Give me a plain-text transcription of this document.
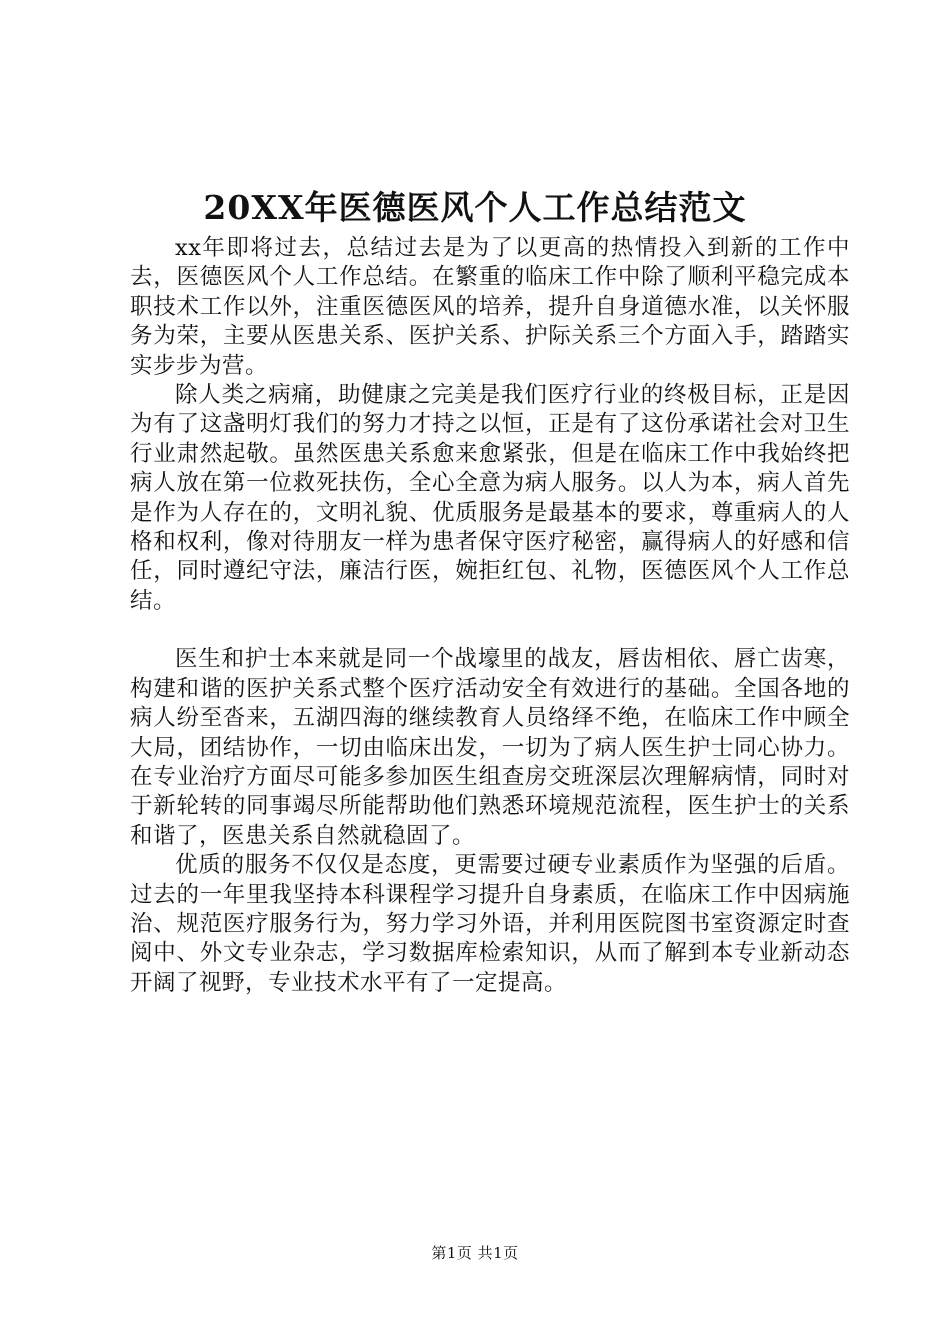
20XX年医德医风个人工作总结范文

xx年即将过去，总结过去是为了以更高的热情投入到新的工作中去，医德医风个人工作总结。在繁重的临床工作中除了顺利平稳完成本职技术工作以外，注重医德医风的培养，提升自身道德水准，以关怀服务为荣，主要从医患关系、医护关系、护际关系三个方面入手，踏踏实实步步为营。

除人类之病痛，助健康之完美是我们医疗行业的终极目标，正是因为有了这盏明灯我们的努力才持之以恒，正是有了这份承诺社会对卫生行业肃然起敬。虽然医患关系愈来愈紧张，但是在临床工作中我始终把病人放在第一位救死扶伤，全心全意为病人服务。以人为本，病人首先是作为人存在的，文明礼貌、优质服务是最基本的要求，尊重病人的人格和权利，像对待朋友一样为患者保守医疗秘密，赢得病人的好感和信任，同时遵纪守法，廉洁行医，婉拒红包、礼物，医德医风个人工作总结。

医生和护士本来就是同一个战壕里的战友，唇齿相依、唇亡齿寒，构建和谐的医护关系式整个医疗活动安全有效进行的基础。全国各地的病人纷至沓来，五湖四海的继续教育人员络绎不绝，在临床工作中顾全大局，团结协作，一切由临床出发，一切为了病人医生护士同心协力。在专业治疗方面尽可能多参加医生组查房交班深层次理解病情，同时对于新轮转的同事竭尽所能帮助他们熟悉环境规范流程，医生护士的关系和谐了，医患关系自然就稳固了。

优质的服务不仅仅是态度，更需要过硬专业素质作为坚强的后盾。过去的一年里我坚持本科课程学习提升自身素质，在临床工作中因病施治、规范医疗服务行为，努力学习外语，并利用医院图书室资源定时查阅中、外文专业杂志，学习数据库检索知识，从而了解到本专业新动态开阔了视野，专业技术水平有了一定提高。

第1页 共1页
